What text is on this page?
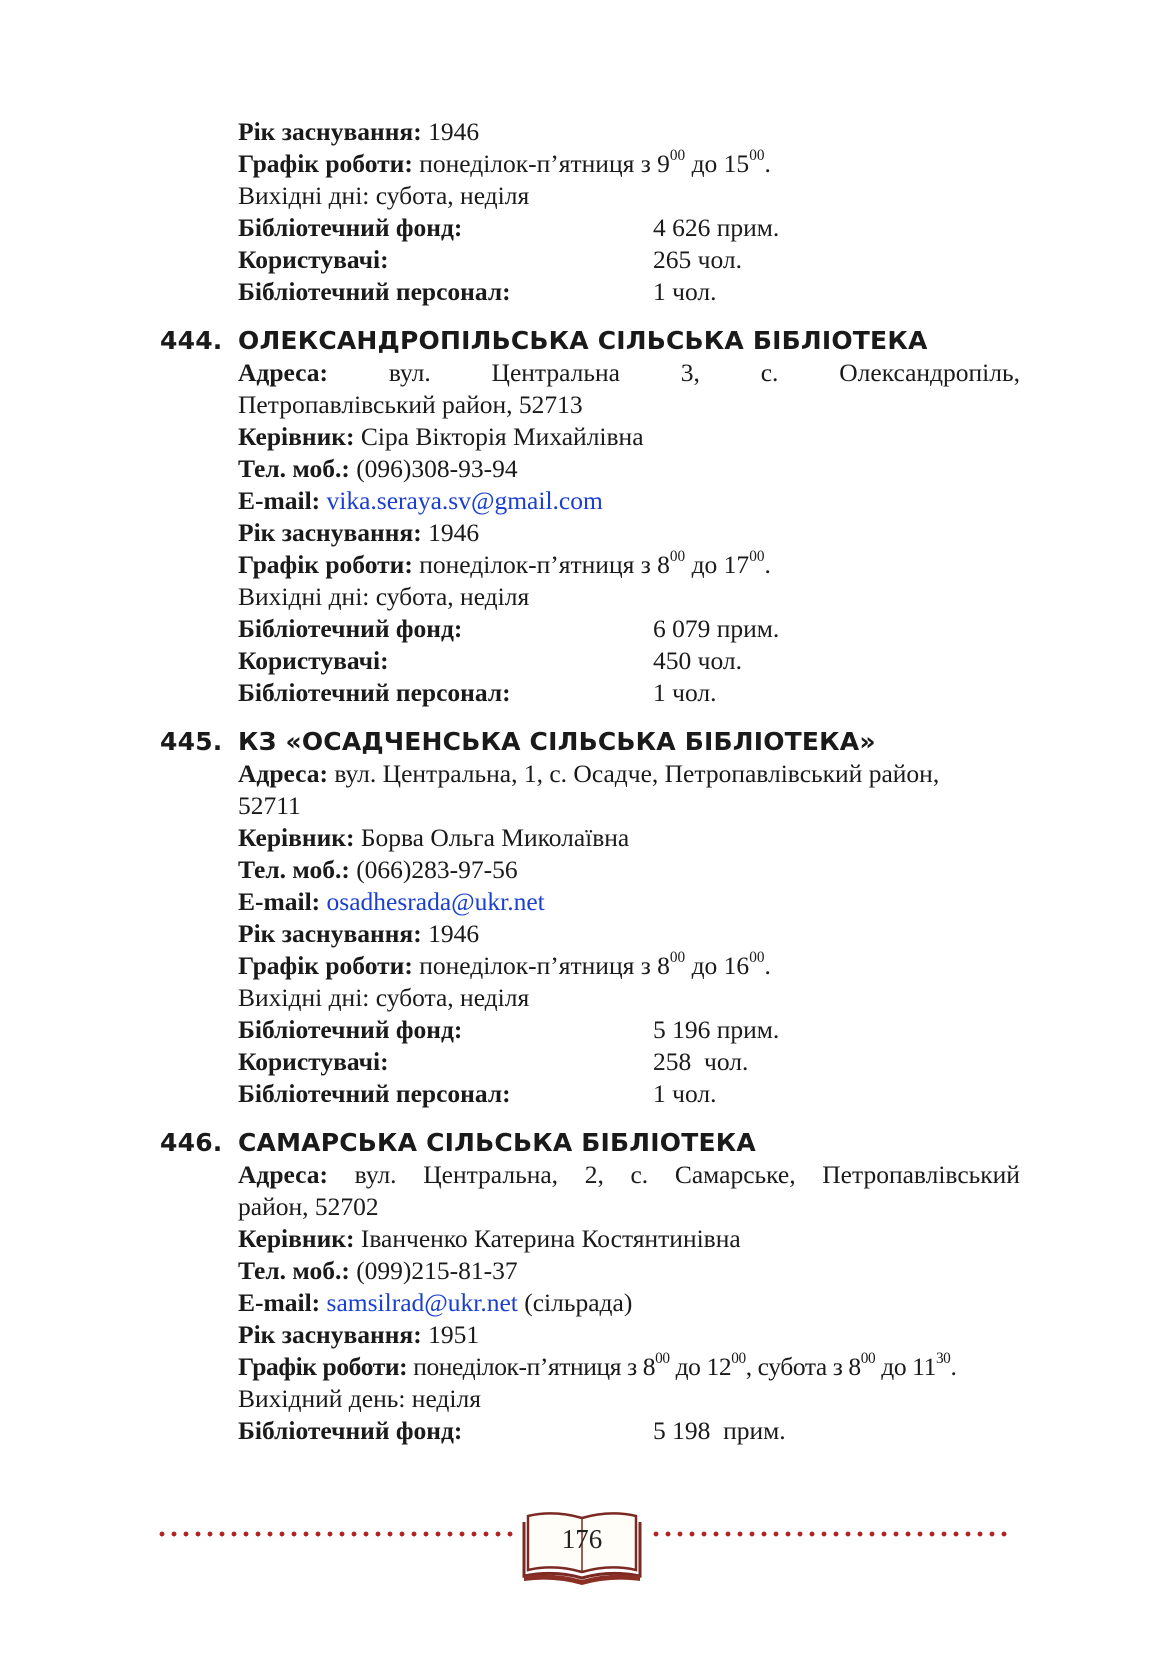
Рік заснування: 1946
Графік роботи: понеділок-п’ятниця з $9^{00}$ до $15^{00}$.
Вихідні дні: субота, неділя
Бібліотечний фонд:	4 626 прим.
Користувачі:	265 чол.
Бібліотечний персонал:	1 чол.
444. ОЛЕКСАНДРОПІЛЬСЬКА СІЛЬСЬКА БІБЛІОТЕКА
Адреса: вул. Центральна 3, с. Олександропіль,
Петропавлівський район, 52713
Керівник: Сіра Вікторія Михайлівна
Тел. моб.: (096)308-93-94
E-mail: vika.seraya.sv@gmail.com
Рік заснування: 1946
Графік роботи: понеділок-п’ятниця з $8^{00}$ до $17^{00}$.
Вихідні дні: субота, неділя
Бібліотечний фонд:	6 079 прим.
Користувачі:	450 чол.
Бібліотечний персонал:	1 чол.
445. КЗ «ОСАДЧЕНСЬКА СІЛЬСЬКА БІБЛІОТЕКА»
Адреса: вул. Центральна, 1, с. Осадче, Петропавлівський район,
52711
Керівник: Борва Ольга Миколаївна
Тел. моб.: (066)283-97-56
E-mail: osadhesrada@ukr.net
Рік заснування: 1946
Графік роботи: понеділок-п’ятниця з $8^{00}$ до $16^{00}$.
Вихідні дні: субота, неділя
Бібліотечний фонд:	5 196 прим.
Користувачі:	258  чол.
Бібліотечний персонал:	1 чол.
446. САМАРСЬКА СІЛЬСЬКА БІБЛІОТЕКА
Адреса: вул. Центральна, 2, с. Самарське, Петропавлівський
район, 52702
Керівник: Іванченко Катерина Костянтинівна
Тел. моб.: (099)215-81-37
E-mail: samsilrad@ukr.net (сільрада)
Рік заснування: 1951
Графік роботи: понеділок-п’ятниця з $8^{00}$ до $12^{00}$, субота з $8^{00}$ до $11^{30}$.
Вихідний день: неділя
Бібліотечний фонд:	5 198  прим.
176
